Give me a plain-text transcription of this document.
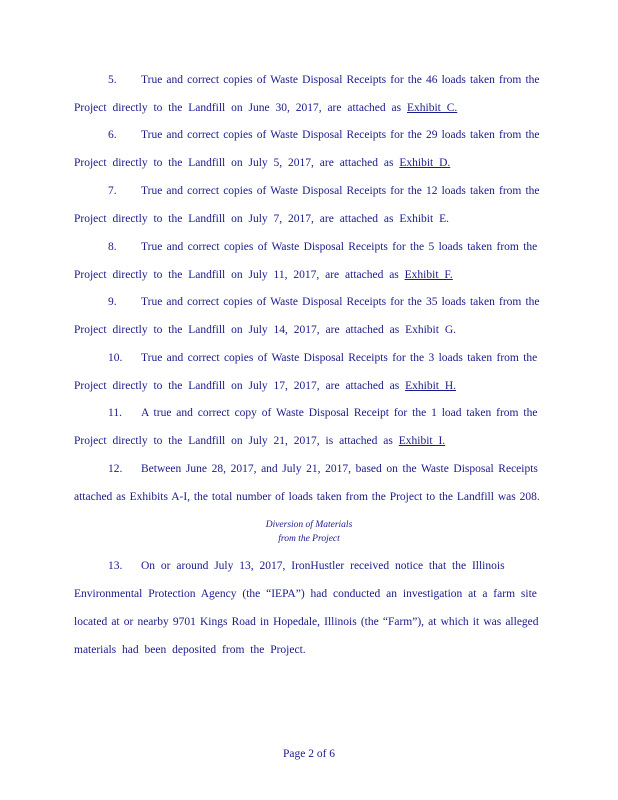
5. True and correct copies of Waste Disposal Receipts for the 46 loads taken from the
Project directly to the Landfill on June 30, 2017, are attached as Exhibit C.
6. True and correct copies of Waste Disposal Receipts for the 29 loads taken from the
Project directly to the Landfill on July 5, 2017, are attached as Exhibit D.
7. True and correct copies of Waste Disposal Receipts for the 12 loads taken from the
Project directly to the Landfill on July 7, 2017, are attached as Exhibit E.
8. True and correct copies of Waste Disposal Receipts for the 5 loads taken from the
Project directly to the Landfill on July 11, 2017, are attached as Exhibit F.
9. True and correct copies of Waste Disposal Receipts for the 35 loads taken from the
Project directly to the Landfill on July 14, 2017, are attached as Exhibit G.
10. True and correct copies of Waste Disposal Receipts for the 3 loads taken from the
Project directly to the Landfill on July 17, 2017, are attached as Exhibit H.
11. A true and correct copy of Waste Disposal Receipt for the 1 load taken from the
Project directly to the Landfill on July 21, 2017, is attached as Exhibit I.
12. Between June 28, 2017, and July 21, 2017, based on the Waste Disposal Receipts
attached as Exhibits A-I, the total number of loads taken from the Project to the Landfill was 208.
Diversion of Materials
from the Project
13. On or around July 13, 2017, IronHustler received notice that the Illinois
Environmental Protection Agency (the “IEPA”) had conducted an investigation at a farm site
located at or nearby 9701 Kings Road in Hopedale, Illinois (the “Farm”), at which it was alleged
materials had been deposited from the Project.
Page 2 of 6
